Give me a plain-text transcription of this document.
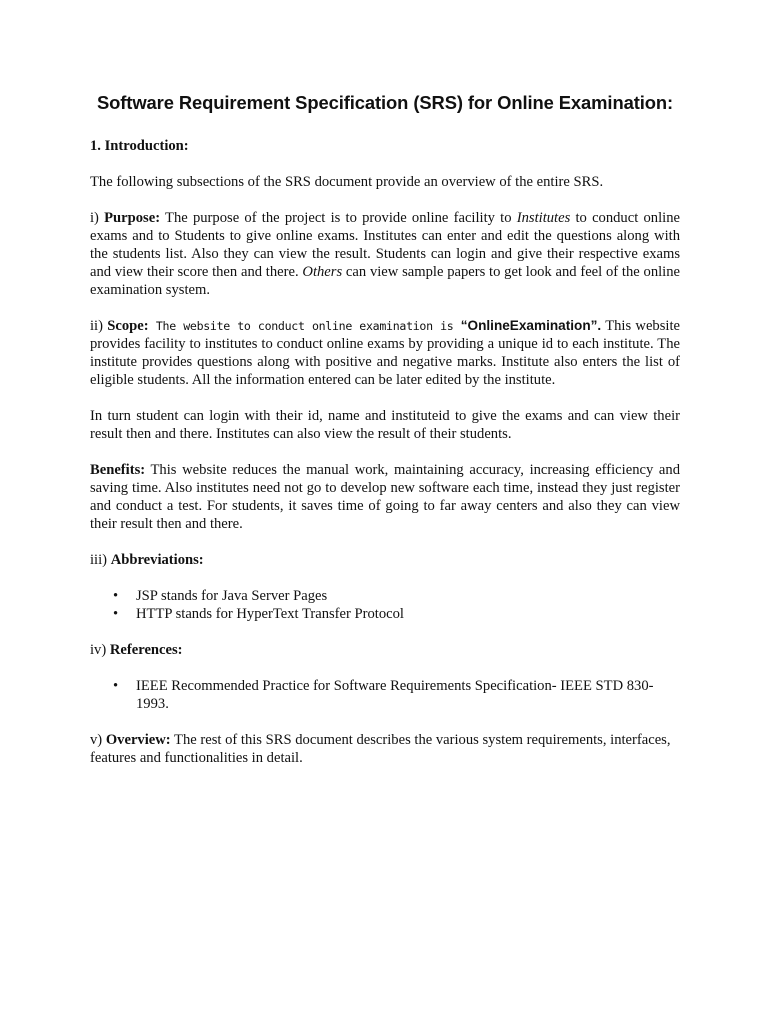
Software Requirement Specification (SRS) for Online Examination:

1. Introduction:

The following subsections of the SRS document provide an overview of the entire SRS.

i) Purpose: The purpose of the project is to provide online facility to Institutes to conduct online exams and to Students to give online exams. Institutes can enter and edit the questions along with the students list. Also they can view the result. Students can login and give their respective exams and view their score then and there. Others can view sample papers to get look and feel of the online examination system.

ii) Scope: The website to conduct online examination is “OnlineExamination”. This website provides facility to institutes to conduct online exams by providing a unique id to each institute. The institute provides questions along with positive and negative marks. Institute also enters the list of eligible students. All the information entered can be later edited by the institute.

In turn student can login with their id, name and instituteid to give the exams and can view their result then and there. Institutes can also view the result of their students.

Benefits: This website reduces the manual work, maintaining accuracy, increasing efficiency and saving time. Also institutes need not go to develop new software each time, instead they just register and conduct a test. For students, it saves time of going to far away centers and also they can view their result then and there.

iii) Abbreviations:

• JSP stands for Java Server Pages
• HTTP stands for HyperText Transfer Protocol

iv) References:

• IEEE Recommended Practice for Software Requirements Specification- IEEE STD 830-1993.

v) Overview: The rest of this SRS document describes the various system requirements, interfaces, features and functionalities in detail.
